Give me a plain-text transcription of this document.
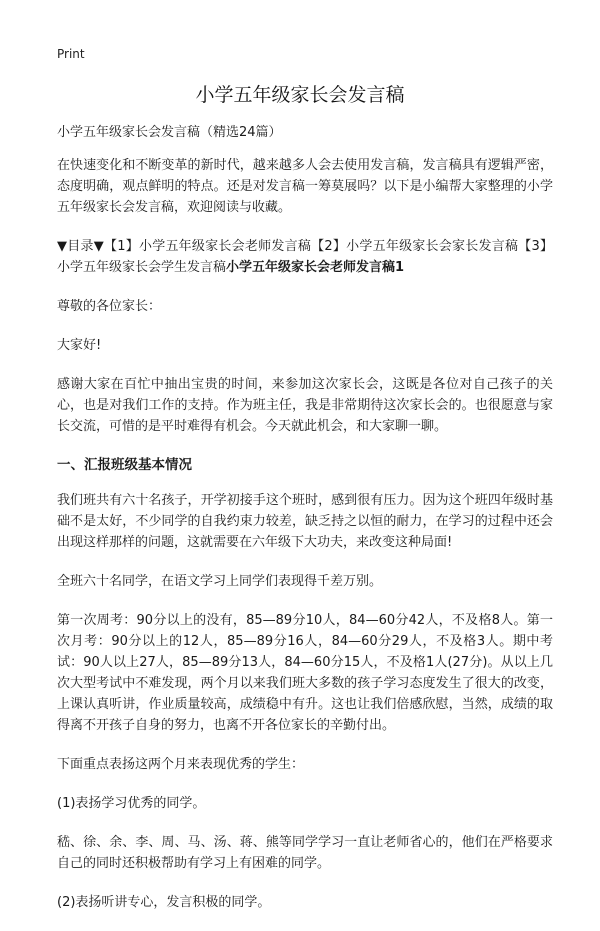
Print
小学五年级家长会发言稿

小学五年级家长会发言稿（精选24篇）

在快速变化和不断变革的新时代，越来越多人会去使用发言稿，发言稿具有逻辑严密，态度明确，观点鲜明的特点。还是对发言稿一筹莫展吗？以下是小编帮大家整理的小学五年级家长会发言稿，欢迎阅读与收藏。

▼目录▼【1】小学五年级家长会老师发言稿【2】小学五年级家长会家长发言稿【3】小学五年级家长会学生发言稿小学五年级家长会老师发言稿1

尊敬的各位家长：

大家好!

感谢大家在百忙中抽出宝贵的时间，来参加这次家长会，这既是各位对自己孩子的关心，也是对我们工作的支持。作为班主任，我是非常期待这次家长会的。也很愿意与家长交流，可惜的是平时难得有机会。今天就此机会，和大家聊一聊。

一、汇报班级基本情况

我们班共有六十名孩子，开学初接手这个班时，感到很有压力。因为这个班四年级时基础不是太好，不少同学的自我约束力较差，缺乏持之以恒的耐力，在学习的过程中还会出现这样那样的问题，这就需要在六年级下大功夫，来改变这种局面!

全班六十名同学，在语文学习上同学们表现得千差万别。

第一次周考：90分以上的没有，85—89分10人，84—60分42人，不及格8人。第一次月考：90分以上的12人，85—89分16人，84—60分29人，不及格3人。期中考试：90人以上27人，85—89分13人，84—60分15人，不及格1人(27分)。从以上几次大型考试中不难发现，两个月以来我们班大多数的孩子学习态度发生了很大的改变，上课认真听讲，作业质量较高，成绩稳中有升。这也让我们倍感欣慰，当然，成绩的取得离不开孩子自身的努力，也离不开各位家长的辛勤付出。

下面重点表扬这两个月来表现优秀的学生：

(1)表扬学习优秀的同学。

嵇、徐、余、李、周、马、汤、蒋、熊等同学学习一直让老师省心的，他们在严格要求自己的同时还积极帮助有学习上有困难的同学。

(2)表扬听讲专心，发言积极的同学。
